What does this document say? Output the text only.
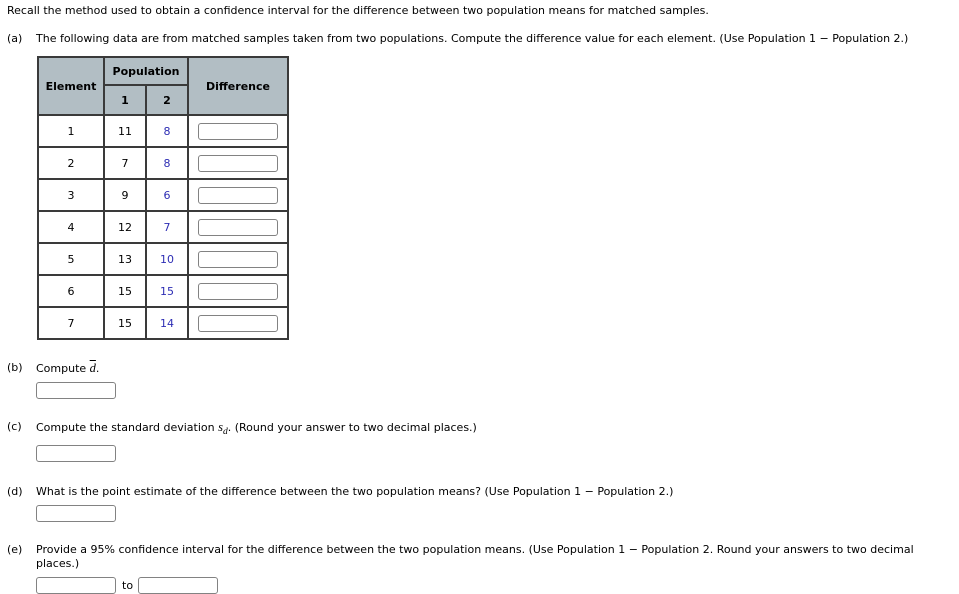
Recall the method used to obtain a confidence interval for the difference between two population means for matched samples.

(a)	The following data are from matched samples taken from two populations. Compute the difference value for each element. (Use Population 1 − Population 2.)

Element	Population		Difference
	1	2	
1	11	8	
2	7	8	
3	9	6	
4	12	7	
5	13	10	
6	15	15	
7	15	14	
(b)	Compute $\overline{d}$.

(c)	Compute the standard deviation $s_d$. (Round your answer to two decimal places.)

(d)	What is the point estimate of the difference between the two population means? (Use Population 1 − Population 2.)

(e)	Provide a 95% confidence interval for the difference between the two population means. (Use Population 1 − Population 2. Round your answers to two decimal places.)

to
